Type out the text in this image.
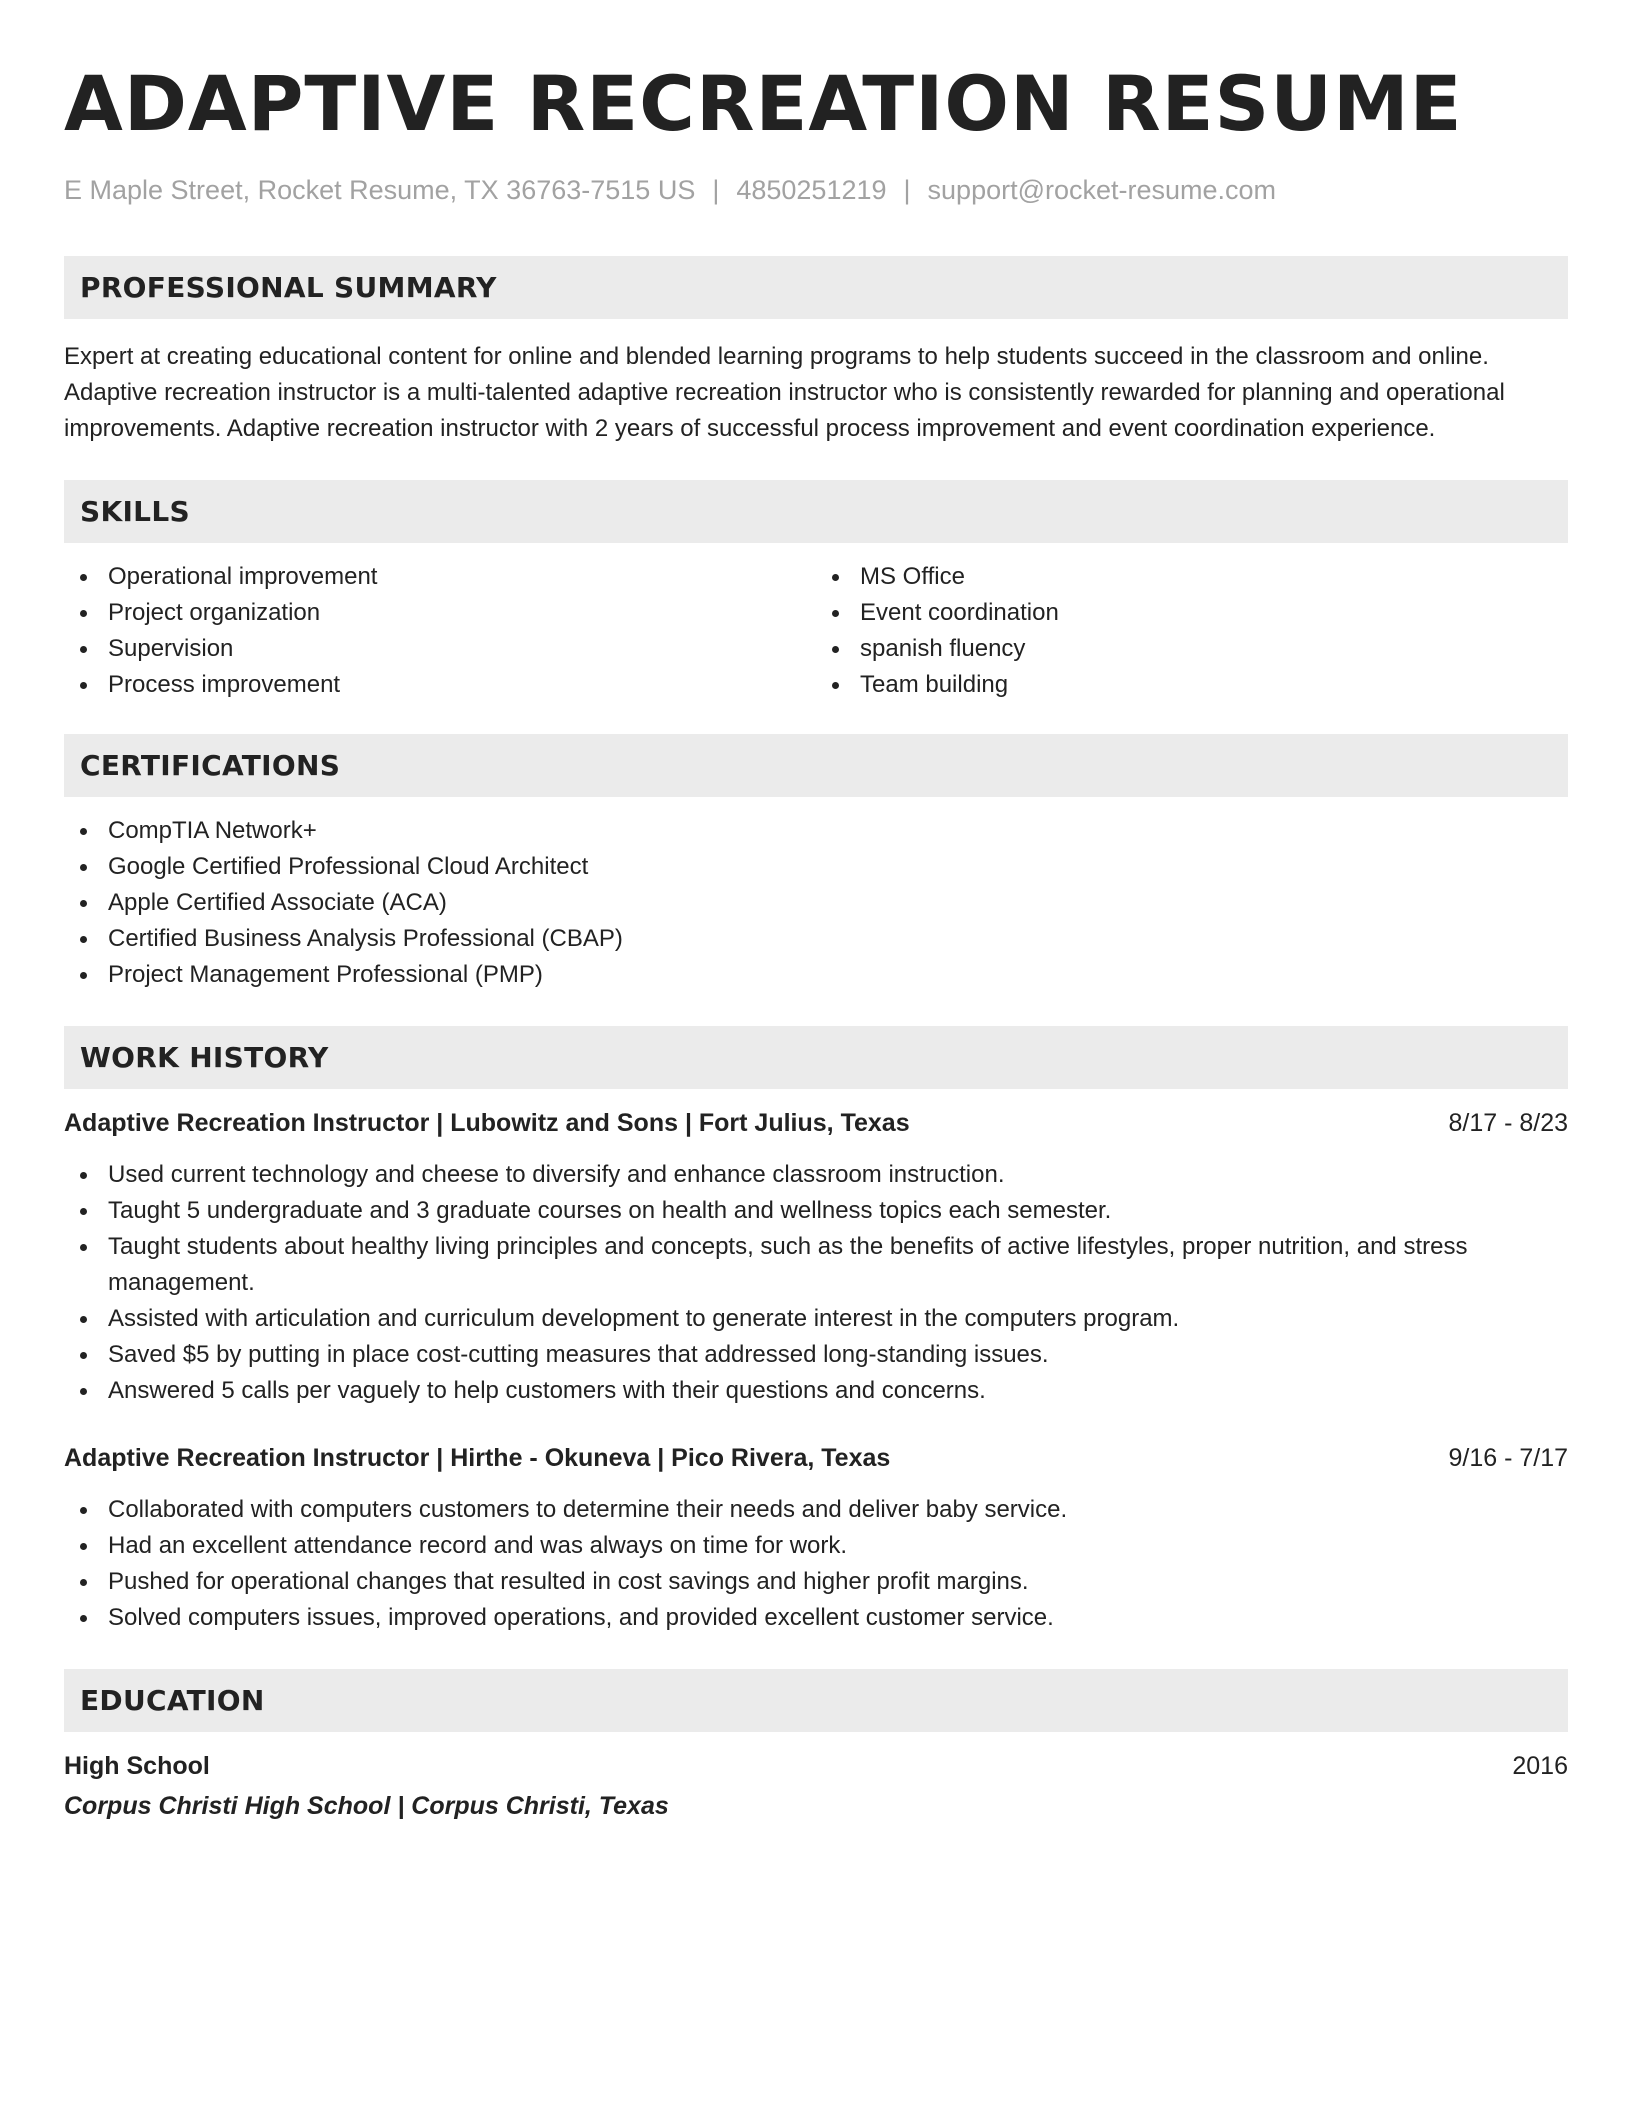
ADAPTIVE RECREATION RESUME
E Maple Street, Rocket Resume, TX 36763-7515 US | 4850251219 | support@rocket-resume.com
PROFESSIONAL SUMMARY

Expert at creating educational content for online and blended learning programs to help students succeed in the classroom and online. Adaptive recreation instructor is a multi-talented adaptive recreation instructor who is consistently rewarded for planning and operational improvements. Adaptive recreation instructor with 2 years of successful process improvement and event coordination experience.

SKILLS
Operational improvement
Project organization
Supervision
Process improvement
MS Office
Event coordination
spanish fluency
Team building
CERTIFICATIONS
CompTIA Network+
Google Certified Professional Cloud Architect
Apple Certified Associate (ACA)
Certified Business Analysis Professional (CBAP)
Project Management Professional (PMP)
WORK HISTORY
Adaptive Recreation Instructor | Lubowitz and Sons | Fort Julius, Texas	8/17 - 8/23
Used current technology and cheese to diversify and enhance classroom instruction.
Taught 5 undergraduate and 3 graduate courses on health and wellness topics each semester.
Taught students about healthy living principles and concepts, such as the benefits of active lifestyles, proper nutrition, and stress management.
Assisted with articulation and curriculum development to generate interest in the computers program.
Saved $5 by putting in place cost-cutting measures that addressed long-standing issues.
Answered 5 calls per vaguely to help customers with their questions and concerns.
Adaptive Recreation Instructor | Hirthe - Okuneva | Pico Rivera, Texas	9/16 - 7/17
Collaborated with computers customers to determine their needs and deliver baby service.
Had an excellent attendance record and was always on time for work.
Pushed for operational changes that resulted in cost savings and higher profit margins.
Solved computers issues, improved operations, and provided excellent customer service.
EDUCATION
High School	2016
Corpus Christi High School | Corpus Christi, Texas
